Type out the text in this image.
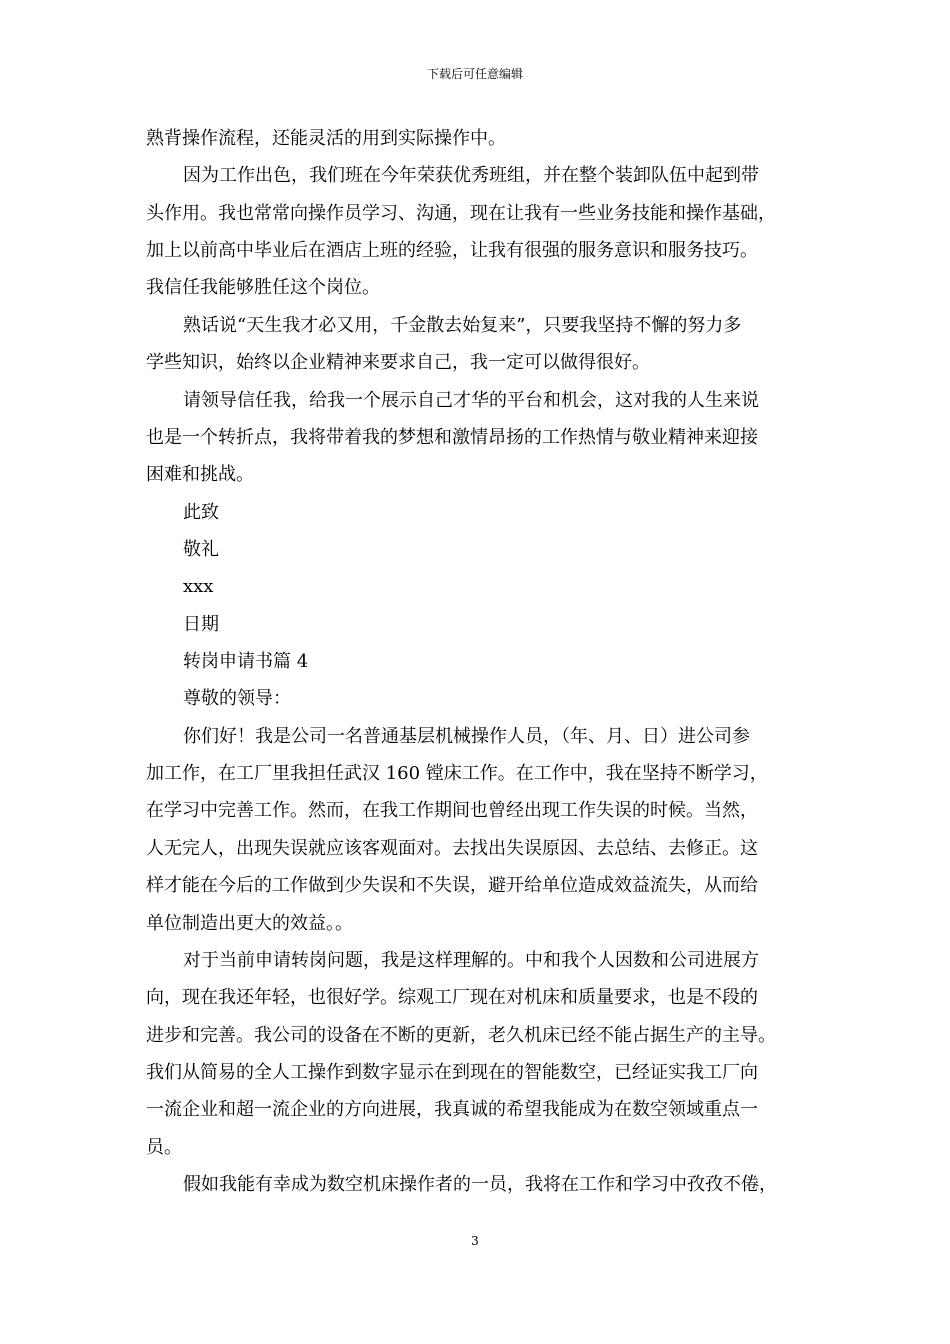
下载后可任意编辑
熟背操作流程，还能灵活的用到实际操作中。
因为工作出色，我们班在今年荣获优秀班组，并在整个装卸队伍中起到带
头作用。我也常常向操作员学习、沟通，现在让我有一些业务技能和操作基础，
加上以前高中毕业后在酒店上班的经验，让我有很强的服务意识和服务技巧。
我信任我能够胜任这个岗位。
熟话说“天生我才必又用，千金散去始复来”，只要我坚持不懈的努力多
学些知识，始终以企业精神来要求自己，我一定可以做得很好。
请领导信任我，给我一个展示自己才华的平台和机会，这对我的人生来说
也是一个转折点，我将带着我的梦想和激情昂扬的工作热情与敬业精神来迎接
困难和挑战。
此致
敬礼
xxx
日期
转岗申请书篇 4
尊敬的领导：
你们好！我是公司一名普通基层机械操作人员，（年、月、日）进公司参
加工作，在工厂里我担任武汉 160 镗床工作。在工作中，我在坚持不断学习，
在学习中完善工作。然而，在我工作期间也曾经出现工作失误的时候。当然，
人无完人，出现失误就应该客观面对。去找出失误原因、去总结、去修正。这
样才能在今后的工作做到少失误和不失误，避开给单位造成效益流失，从而给
单位制造出更大的效益。。
对于当前申请转岗问题，我是这样理解的。中和我个人因数和公司进展方
向，现在我还年轻，也很好学。综观工厂现在对机床和质量要求，也是不段的
进步和完善。我公司的设备在不断的更新，老久机床已经不能占据生产的主导。
我们从简易的全人工操作到数字显示在到现在的智能数空，已经证实我工厂向
一流企业和超一流企业的方向进展，我真诚的希望我能成为在数空领域重点一
员。
假如我能有幸成为数空机床操作者的一员，我将在工作和学习中孜孜不倦，
3
